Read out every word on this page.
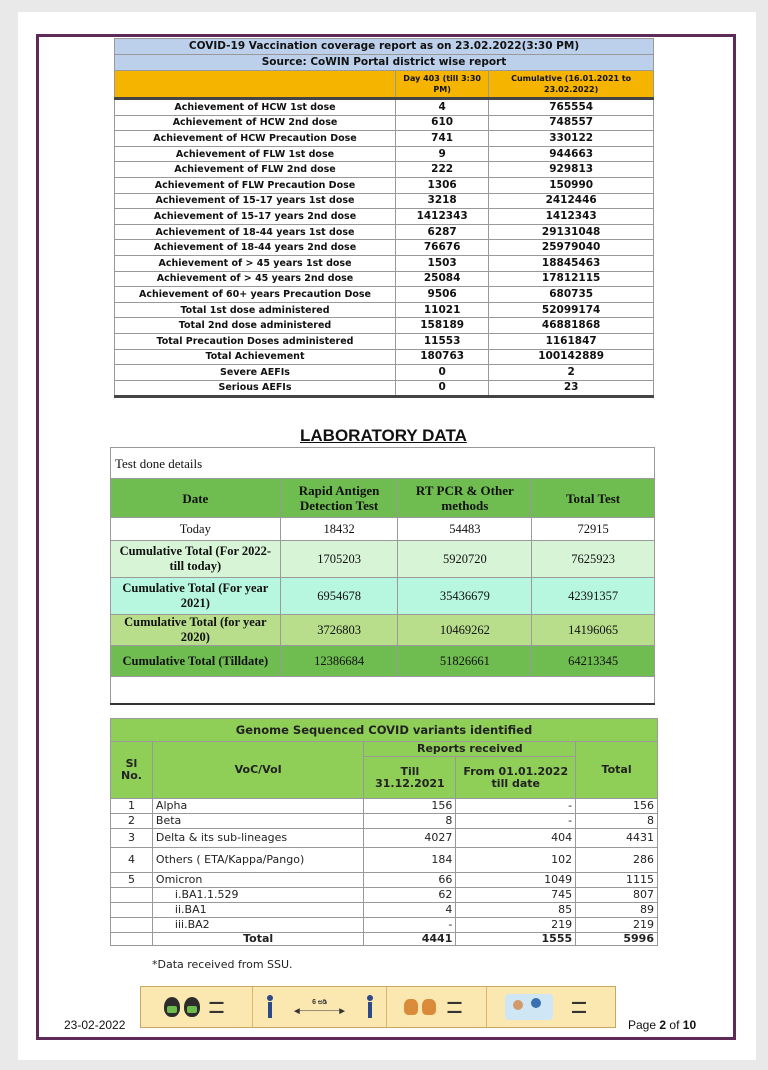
COVID-19 Vaccination coverage report as on 23.02.2022(3:30 PM)		
Source: CoWIN Portal district wise report		
	Day 403 (till 3:30 PM)	Cumulative (16.01.2021 to 23.02.2022)
Achievement of HCW 1st dose	4	765554
Achievement of HCW 2nd dose	610	748557
Achievement of HCW Precaution Dose	741	330122
Achievement of FLW 1st dose	9	944663
Achievement of FLW 2nd dose	222	929813
Achievement of FLW Precaution Dose	1306	150990
Achievement of 15-17 years 1st dose	3218	2412446
Achievement of 15-17 years 2nd dose	1412343	1412343
Achievement of 18-44 years 1st dose	6287	29131048
Achievement of 18-44 years 2nd dose	76676	25979040
Achievement of > 45 years 1st dose	1503	18845463
Achievement of > 45 years 2nd dose	25084	17812115
Achievement of 60+ years Precaution Dose	9506	680735
Total 1st dose administered	11021	52099174
Total 2nd dose administered	158189	46881868
Total Precaution Doses administered	11553	1161847
Total Achievement	180763	100142889
Severe AEFIs	0	2
Serious AEFIs	0	23
LABORATORY DATA
Test done details			
Date	Rapid Antigen Detection Test	RT PCR & Other methods	Total Test
Today	18432	54483	72915
Cumulative Total (For 2022- till today)	1705203	5920720	7625923
Cumulative Total (For year 2021)	6954678	35436679	42391357
Cumulative Total (for year 2020)	3726803	10469262	14196065
Cumulative Total (Tilldate)	12386684	51826661	64213345

Genome Sequenced COVID variants identified				
Sl No.	VoC/VoI	Reports received		Total
		Till 31.12.2021	From 01.01.2022 till date	
1	Alpha	156	-	156
2	Beta	8	-	8
3	Delta & its sub-lineages	4027	404	4431
4	Others ( ETA/Kappa/Pango)	184	102	286
5	Omicron	66	1049	1115
	i.BA1.1.529	62	745	807
	ii.BA1	4	85	89
	iii.BA2	-	219	219
	Total	4441	1555	5996
*Data received from SSU.
23-02-2022
▬▬
▬▬
6 ಅಡಿ
◀────────▶
▬▬
▬▬
▬▬
▬▬
Page 2 of 10
